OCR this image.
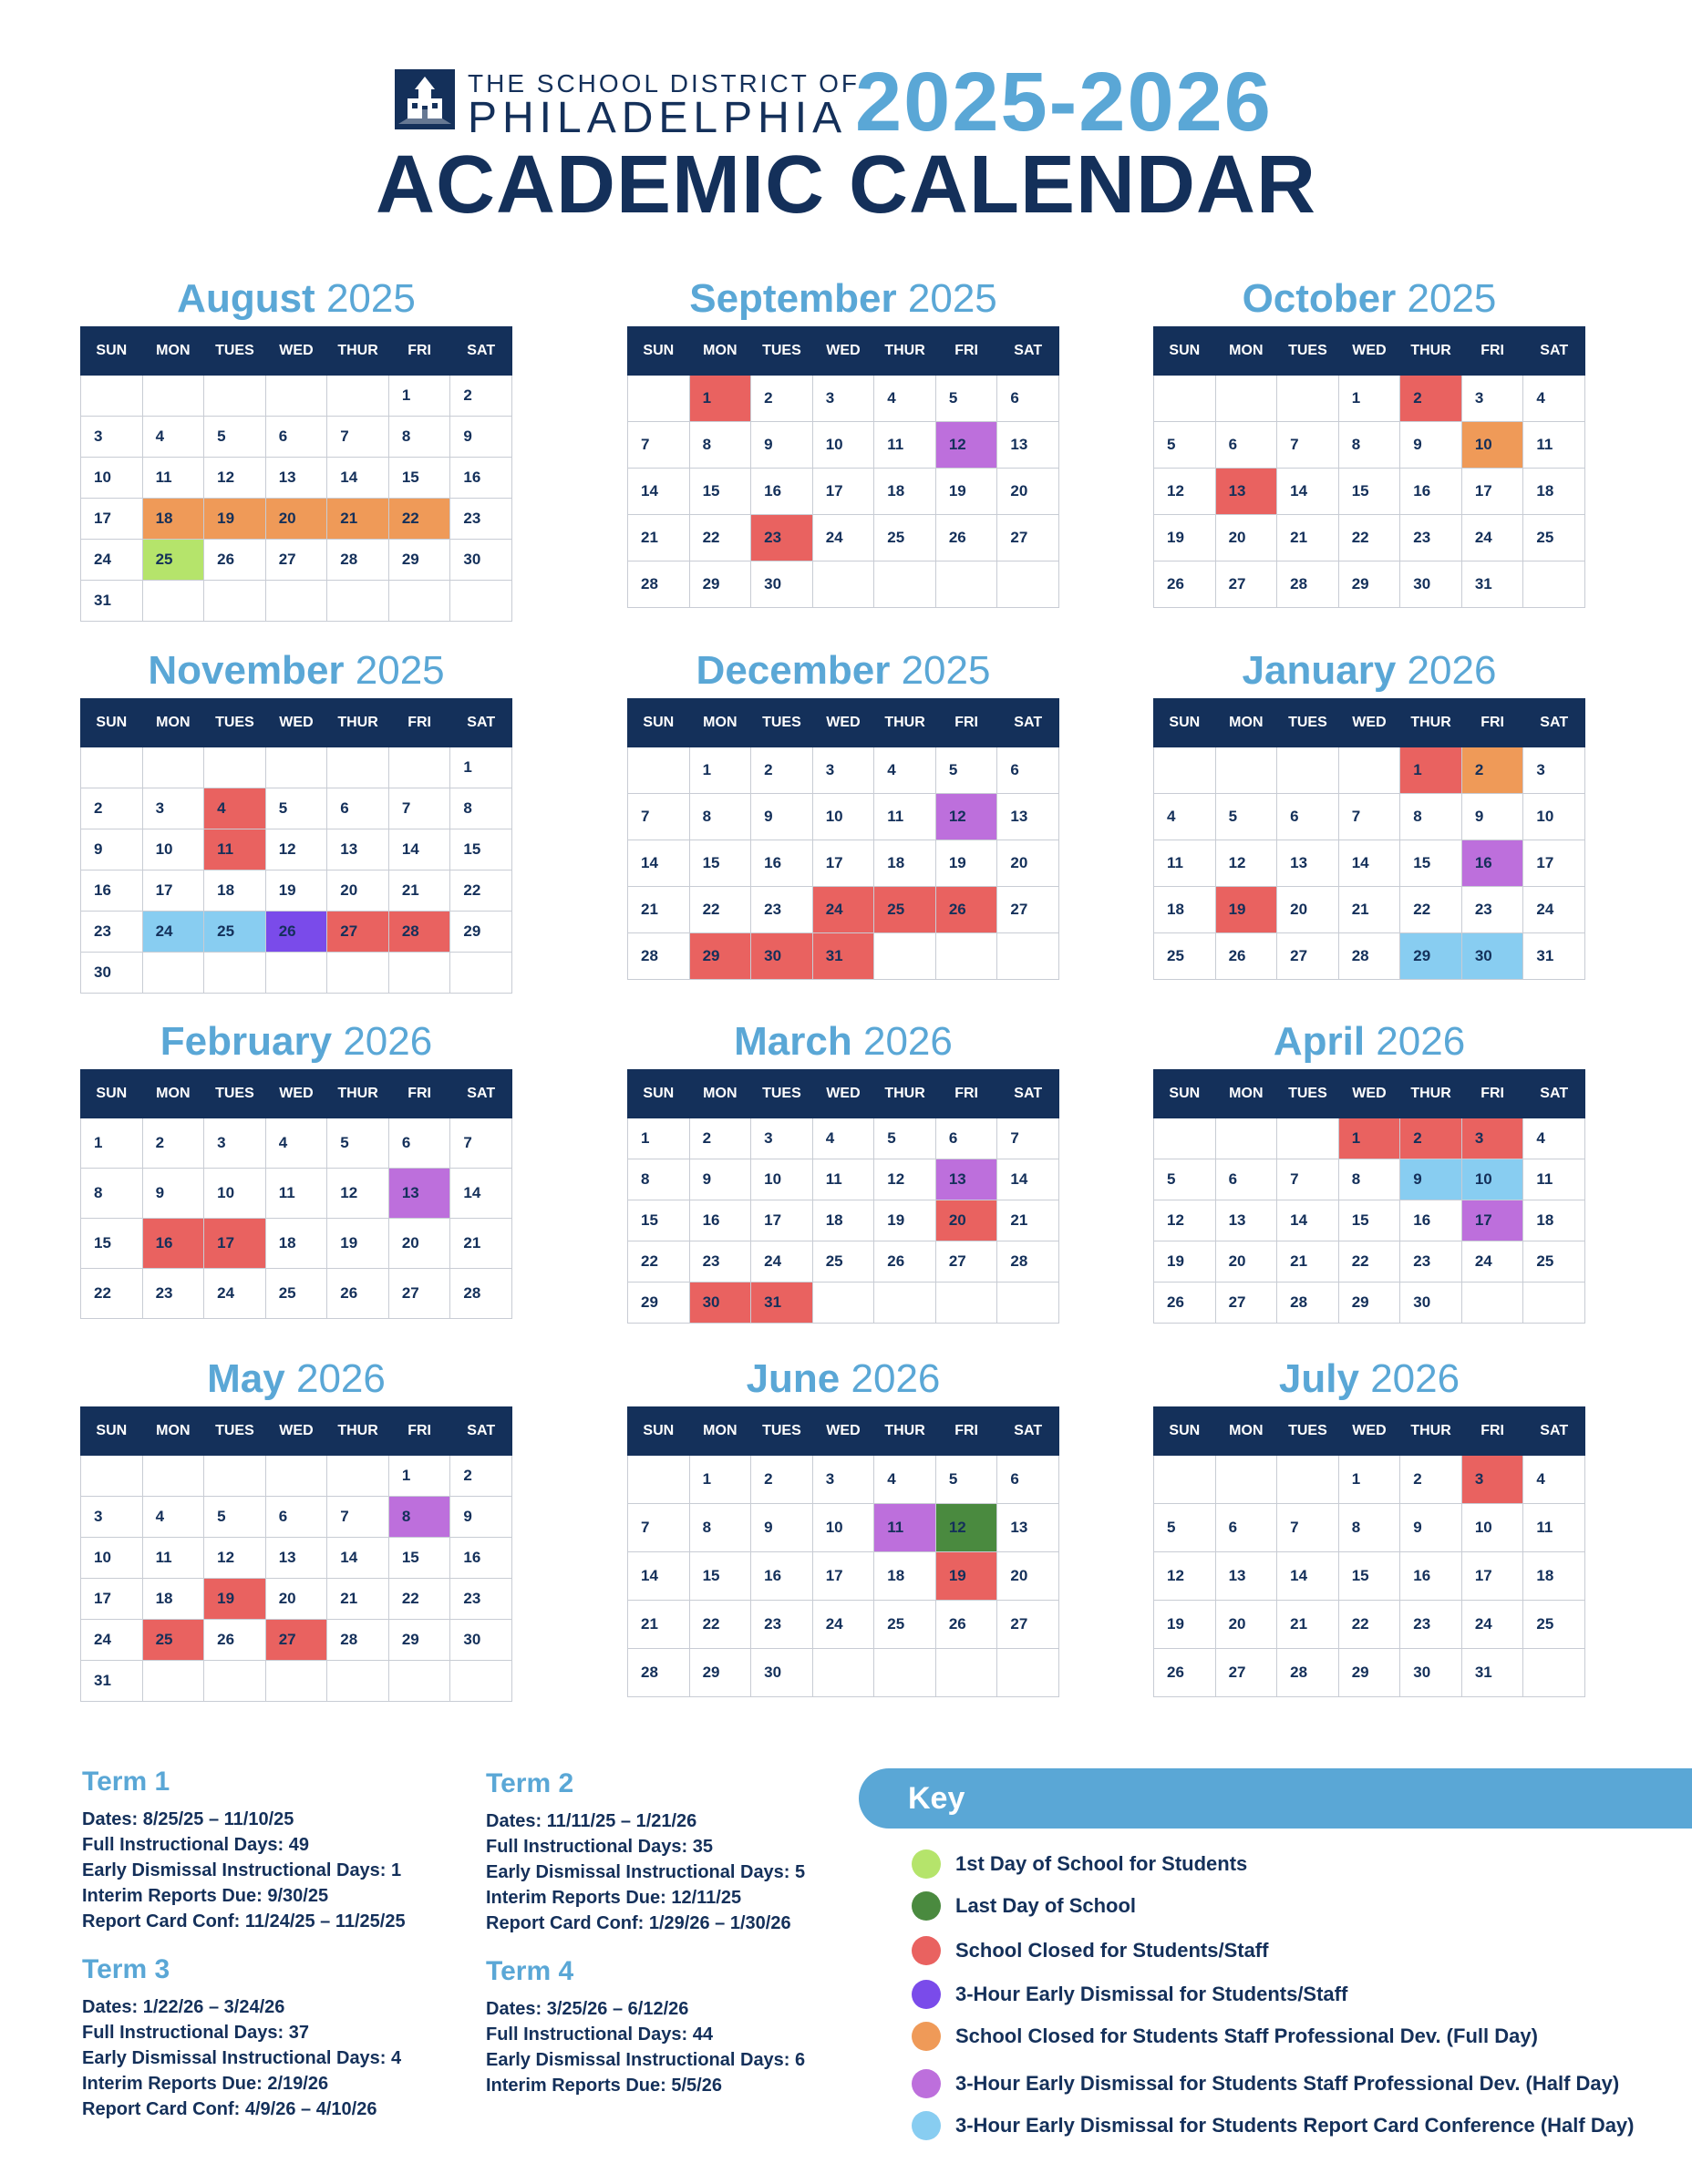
THE SCHOOL DISTRICT OF
PHILADELPHIA 2025-2026
ACADEMIC CALENDAR
August 2025
SUN	MON	TUES	WED	THUR	FRI	SAT
					1	2
3	4	5	6	7	8	9
10	11	12	13	14	15	16
17	18	19	20	21	22	23
24	25	26	27	28	29	30
31						
September 2025
SUN	MON	TUES	WED	THUR	FRI	SAT
	1	2	3	4	5	6
7	8	9	10	11	12	13
14	15	16	17	18	19	20
21	22	23	24	25	26	27
28	29	30				
October 2025
SUN	MON	TUES	WED	THUR	FRI	SAT
			1	2	3	4
5	6	7	8	9	10	11
12	13	14	15	16	17	18
19	20	21	22	23	24	25
26	27	28	29	30	31	
November 2025
SUN	MON	TUES	WED	THUR	FRI	SAT
						1
2	3	4	5	6	7	8
9	10	11	12	13	14	15
16	17	18	19	20	21	22
23	24	25	26	27	28	29
30						
December 2025
SUN	MON	TUES	WED	THUR	FRI	SAT
	1	2	3	4	5	6
7	8	9	10	11	12	13
14	15	16	17	18	19	20
21	22	23	24	25	26	27
28	29	30	31			
January 2026
SUN	MON	TUES	WED	THUR	FRI	SAT
				1	2	3
4	5	6	7	8	9	10
11	12	13	14	15	16	17
18	19	20	21	22	23	24
25	26	27	28	29	30	31
February 2026
SUN	MON	TUES	WED	THUR	FRI	SAT
1	2	3	4	5	6	7
8	9	10	11	12	13	14
15	16	17	18	19	20	21
22	23	24	25	26	27	28
March 2026
SUN	MON	TUES	WED	THUR	FRI	SAT
1	2	3	4	5	6	7
8	9	10	11	12	13	14
15	16	17	18	19	20	21
22	23	24	25	26	27	28
29	30	31				
April 2026
SUN	MON	TUES	WED	THUR	FRI	SAT
			1	2	3	4
5	6	7	8	9	10	11
12	13	14	15	16	17	18
19	20	21	22	23	24	25
26	27	28	29	30		
May 2026
SUN	MON	TUES	WED	THUR	FRI	SAT
					1	2
3	4	5	6	7	8	9
10	11	12	13	14	15	16
17	18	19	20	21	22	23
24	25	26	27	28	29	30
31						
June 2026
SUN	MON	TUES	WED	THUR	FRI	SAT
	1	2	3	4	5	6
7	8	9	10	11	12	13
14	15	16	17	18	19	20
21	22	23	24	25	26	27
28	29	30				
July 2026
SUN	MON	TUES	WED	THUR	FRI	SAT
			1	2	3	4
5	6	7	8	9	10	11
12	13	14	15	16	17	18
19	20	21	22	23	24	25
26	27	28	29	30	31	
Term 1
Dates: 8/25/25 – 11/10/25
Full Instructional Days: 49
Early Dismissal Instructional Days: 1
Interim Reports Due: 9/30/25
Report Card Conf: 11/24/25 – 11/25/25
Term 2
Dates: 11/11/25 – 1/21/26
Full Instructional Days: 35
Early Dismissal Instructional Days: 5
Interim Reports Due: 12/11/25
Report Card Conf: 1/29/26 – 1/30/26
Term 3
Dates: 1/22/26 – 3/24/26
Full Instructional Days: 37
Early Dismissal Instructional Days: 4
Interim Reports Due: 2/19/26
Report Card Conf: 4/9/26 – 4/10/26
Term 4
Dates: 3/25/26 – 6/12/26
Full Instructional Days: 44
Early Dismissal Instructional Days: 6
Interim Reports Due: 5/5/26
Key
1st Day of School for Students
Last Day of School
School Closed for Students/Staff
3-Hour Early Dismissal for Students/Staff
School Closed for Students Staff Professional Dev. (Full Day)
3-Hour Early Dismissal for Students Staff Professional Dev. (Half Day)
3-Hour Early Dismissal for Students Report Card Conference (Half Day)
